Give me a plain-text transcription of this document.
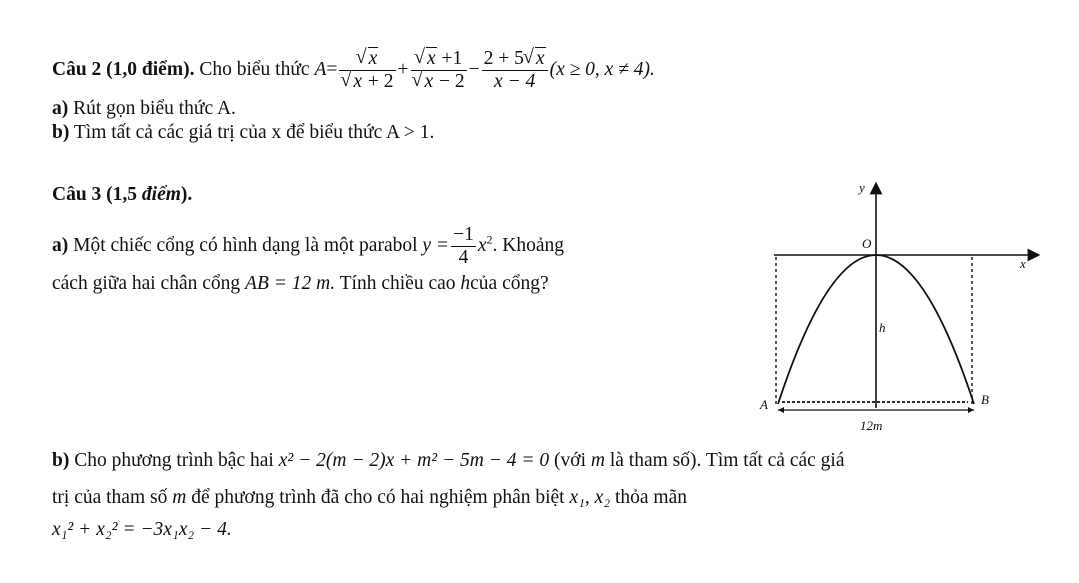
Câu 2 (1,0 điểm). Cho biểu thức A= √ x
√ x + 2 + √ x +1
√ $x - 2 - \frac{2 + 5 √ x}{x - 4} (x \ge 0$, x ≠ 4).
a) Rút gọn biểu thức A.
b) Tìm tất cả các giá trị của x để biểu thức A > 1.
Câu 3 (1,5 điểm).
a) Một chiếc cổng có hình dạng là một parabol $y = \frac{-1}{4} x^2$. Khoảng
cách giữa hai chân cổng AB = 12 m. Tính chiều cao hcủa cổng?
y
O
x
h
A	B
12m
b) Cho phương trình bậc hai x² − 2(m − 2)x + m² − 5m − 4 = 0 (với m là tham số). Tìm tất cả các giá
trị của tham số m để phương trình đã cho có hai nghiệm phân biệt x₁, x₂ thỏa mãn
x₁² + x₂² = −3x₁x₂ − 4.
